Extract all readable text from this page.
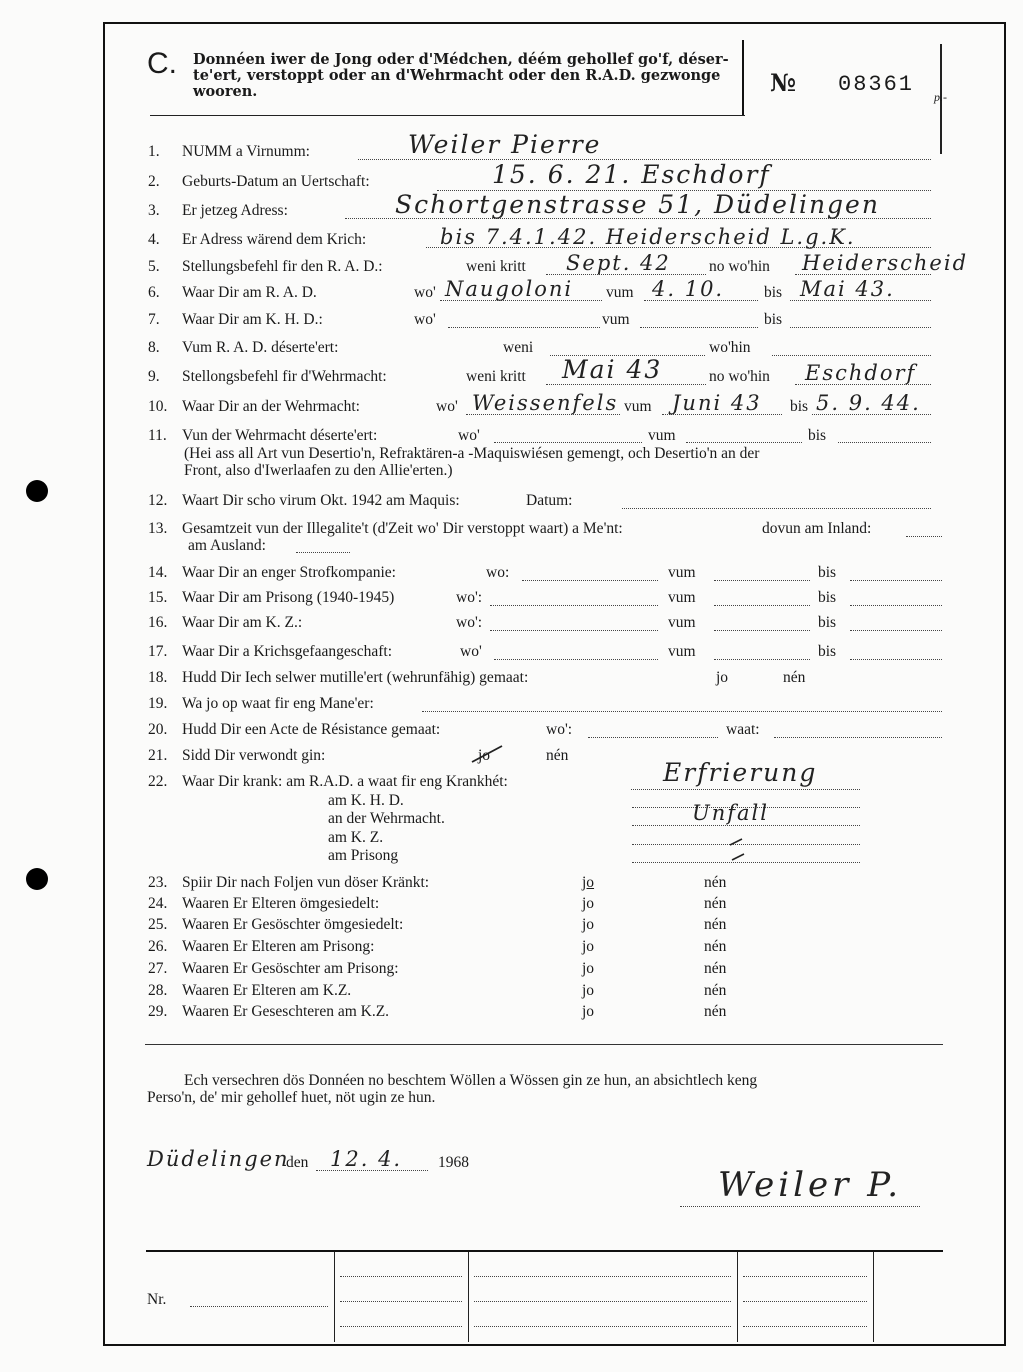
C. Donnéen iwer de Jong oder d'Médchen, déém gehollef go'f, déser-te'ert, verstoppt oder an d'Wehrmacht oder den R.A.D. gezwonge wooren.	№ 08361 p.-
1. NUMM a Virnumm:	Weiler Pierre
2. Geburts-Datum an Uertschaft:	15. 6. 21. Eschdorf
3. Er jetzeg Adress:	Schortgenstrasse 51, Düdelingen
4. Er Adress wärend dem Krich:	bis 7.4.1.42. Heiderscheid L.g.K.
5. Stellungsbefehl fir den R. A. D.:	weni kritt Sept. 42 no wo'hin Heiderscheid
6. Waar Dir am R. A. D.	wo' Naugoloni vum 4. 10.	bis Mai 43.
7. Waar Dir am K. H. D.:	wo'	vum	bis
8. Vum R. A. D. déserte'ert:	weni	wo'hin
9. Stellongsbefehl fir d'Wehrmacht:	weni kritt Mai 43	no wo'hin Eschdorf
10. Waar Dir an der Wehrmacht:	wo' Weissenfels vum Juni 43 bis 5. 9. 44.
11. Vun der Wehrmacht déserte'ert:	wo'	vum	bis
(Hei ass all Art vun Desertio'n, Refraktären-a -Maquiswiésen gemengt, och Desertio'n an der
Front, also d'Iwerlaafen zu den Allie'erten.)
12. Waart Dir scho virum Okt. 1942 am Maquis:	Datum:
13. Gesamtzeit vun der Illegalite't (d'Zeit wo' Dir verstoppt waart) a Me'nt:	dovun am Inland:
am Ausland:
14. Waar Dir an enger Strofkompanie:	wo:	vum	bis
15. Waar Dir am Prisong (1940-1945)	wo':	vum	bis
16. Waar Dir am K. Z.:	wo':	vum	bis
17. Waar Dir a Krichsgefaangeschaft:	wo'	vum	bis
18. Hudd Dir Iech selwer mutille'ert (wehrunfähig) gemaat:	jo	nén
19. Wa jo op waat fir eng Mane'er:
20. Hudd Dir een Acte de Résistance gemaat:	wo':	waat:
21. Sidd Dir verwondt gin:	jo	nén
22. Waar Dir krank: am R.A.D. a waat fir eng Krankhét:	Erfrierung
am K. H. D.
an der Wehrmacht.	Unfall
am K. Z.
am Prisong
23. Spiir Dir nach Foljen vun döser Kränkt:	jo	nén
24. Waaren Er Elteren ömgesiedelt:	jo	nén
25. Waaren Er Gesöschter ömgesiedelt:	jo	nén
26. Waaren Er Elteren am Prisong:	jo	nén
27. Waaren Er Gesöschter am Prisong:	jo	nén
28. Waaren Er Elteren am K.Z.	jo	nén
29. Waaren Er Geseschteren am K.Z.	jo	nén
Ech versechren dös Donnéen no beschtem Wöllen a Wössen gin ze hun, an absichtlech keng
Perso'n, de' mir gehollef huet, nöt ugin ze hun.
Düdelingen
den 12. 4. 1968
Weiler P.
Nr.
